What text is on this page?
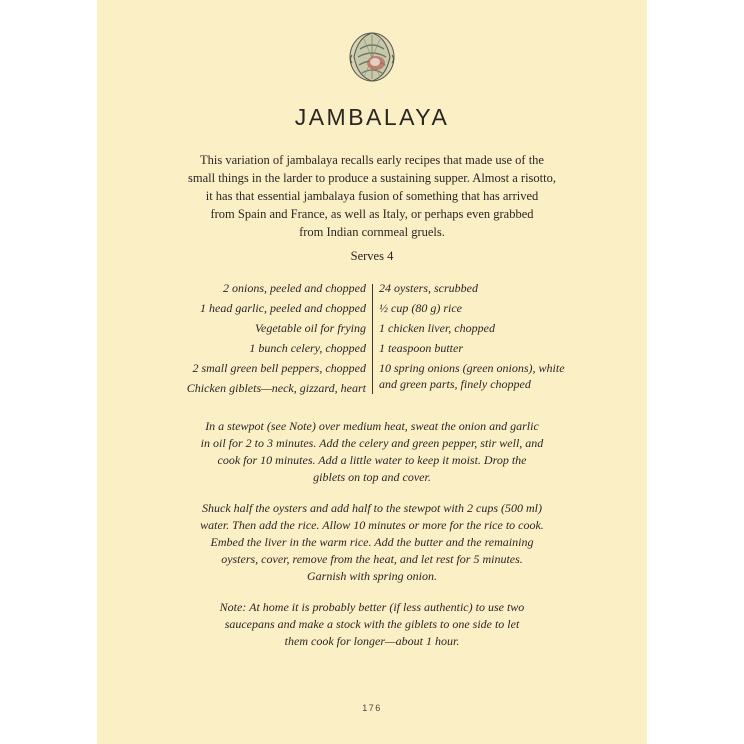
JAMBALAYA
This variation of jambalaya recalls early recipes that made use of the
small things in the larder to produce a sustaining supper. Almost a risotto,
it has that essential jambalaya fusion of something that has arrived
from Spain and France, as well as Italy, or perhaps even grabbed
from Indian cornmeal gruels.
Serves 4
2 onions, peeled and chopped
1 head garlic, peeled and chopped
Vegetable oil for frying
1 bunch celery, chopped
2 small green bell peppers, chopped
Chicken giblets—neck, gizzard, heart
24 oysters, scrubbed
½ cup (80 g) rice
1 chicken liver, chopped
1 teaspoon butter
10 spring onions (green onions), white and green parts, finely chopped
In a stewpot (see Note) over medium heat, sweat the onion and garlic
in oil for 2 to 3 minutes. Add the celery and green pepper, stir well, and
cook for 10 minutes. Add a little water to keep it moist. Drop the
giblets on top and cover.
Shuck half the oysters and add half to the stewpot with 2 cups (500 ml)
water. Then add the rice. Allow 10 minutes or more for the rice to cook.
Embed the liver in the warm rice. Add the butter and the remaining
oysters, cover, remove from the heat, and let rest for 5 minutes.
Garnish with spring onion.
Note: At home it is probably better (if less authentic) to use two
saucepans and make a stock with the giblets to one side to let
them cook for longer—about 1 hour.
176
